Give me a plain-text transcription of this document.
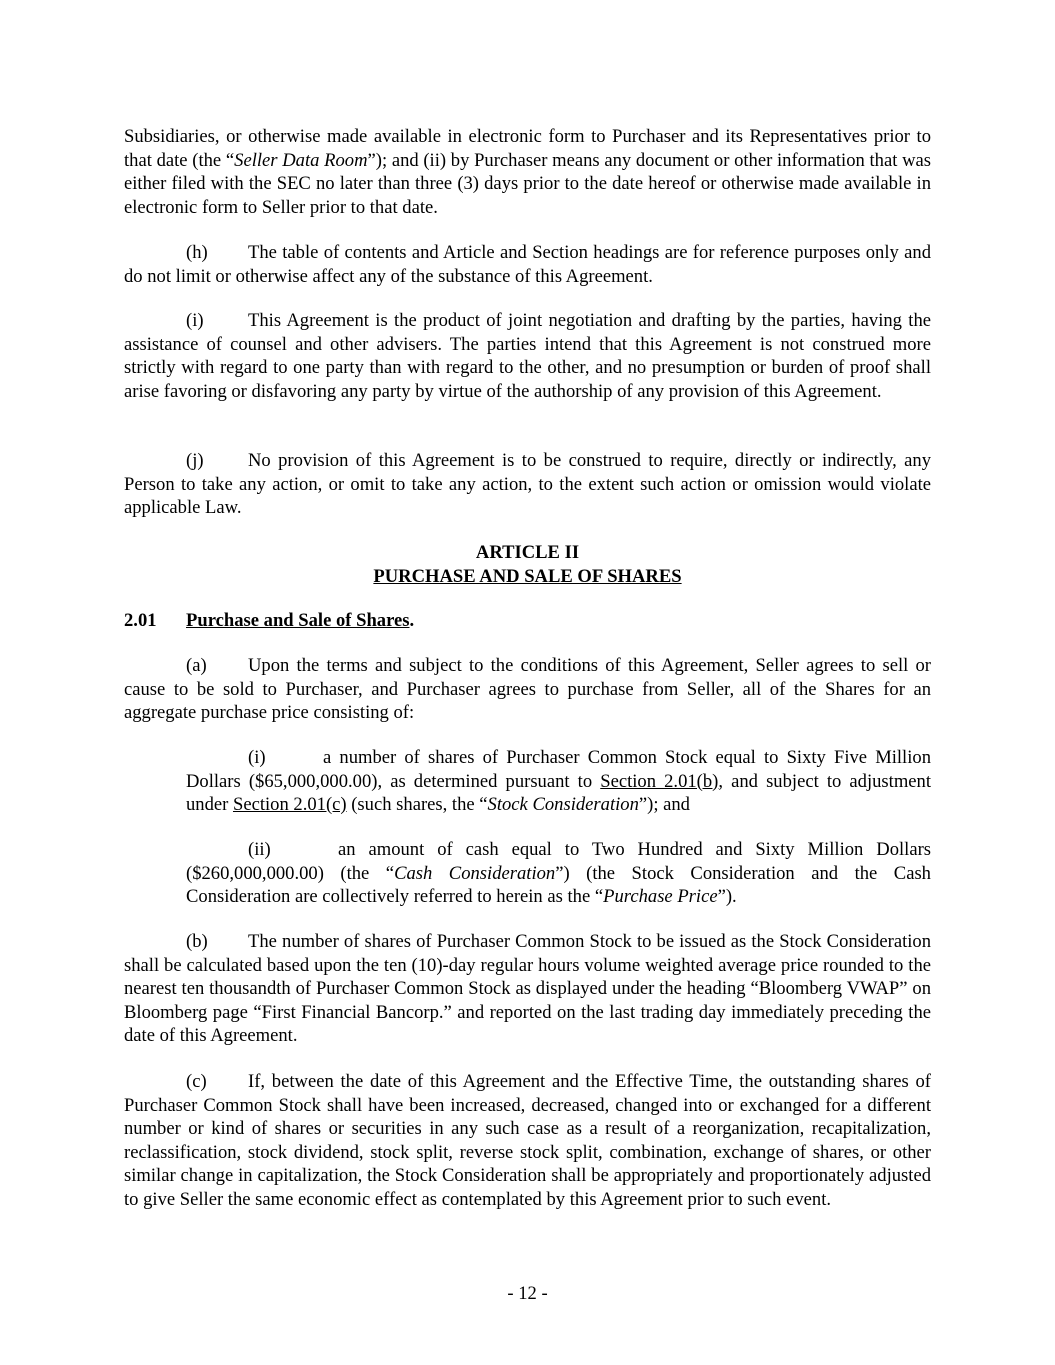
Subsidiaries, or otherwise made available in electronic form to Purchaser and its Representatives prior to that date (the “Seller Data Room”); and (ii) by Purchaser means any document or other information that was either filed with the SEC no later than three (3) days prior to the date hereof or otherwise made available in electronic form to Seller prior to that date.

(h) The table of contents and Article and Section headings are for reference purposes only and do not limit or otherwise affect any of the substance of this Agreement.

(i) This Agreement is the product of joint negotiation and drafting by the parties, having the assistance of counsel and other advisers. The parties intend that this Agreement is not construed more strictly with regard to one party than with regard to the other, and no presumption or burden of proof shall arise favoring or disfavoring any party by virtue of the authorship of any provision of this Agreement.

(j) No provision of this Agreement is to be construed to require, directly or indirectly, any Person to take any action, or omit to take any action, to the extent such action or omission would violate applicable Law.

ARTICLE II
PURCHASE AND SALE OF SHARES
2.01 Purchase and Sale of Shares.

(a) Upon the terms and subject to the conditions of this Agreement, Seller agrees to sell or cause to be sold to Purchaser, and Purchaser agrees to purchase from Seller, all of the Shares for an aggregate purchase price consisting of:

(i)	a number of shares of Purchaser Common Stock equal to Sixty Five Million Dollars ($65,000,000.00), as determined pursuant to Section 2.01(b), and subject to adjustment under Section 2.01(c) (such shares, the “Stock Consideration”); and

(ii)	an amount of cash equal to Two Hundred and Sixty Million Dollars ($260,000,000.00) (the “Cash Consideration”) (the Stock Consideration and the Cash Consideration are collectively referred to herein as the “Purchase Price”).

(b) The number of shares of Purchaser Common Stock to be issued as the Stock Consideration shall be calculated based upon the ten (10)-day regular hours volume weighted average price rounded to the nearest ten thousandth of Purchaser Common Stock as displayed under the heading “Bloomberg VWAP” on Bloomberg page “First Financial Bancorp.” and reported on the last trading day immediately preceding the date of this Agreement.

(c) If, between the date of this Agreement and the Effective Time, the outstanding shares of Purchaser Common Stock shall have been increased, decreased, changed into or exchanged for a different number or kind of shares or securities in any such case as a result of a reorganization, recapitalization, reclassification, stock dividend, stock split, reverse stock split, combination, exchange of shares, or other similar change in capitalization, the Stock Consideration shall be appropriately and proportionately adjusted to give Seller the same economic effect as contemplated by this Agreement prior to such event.

- 12 -
